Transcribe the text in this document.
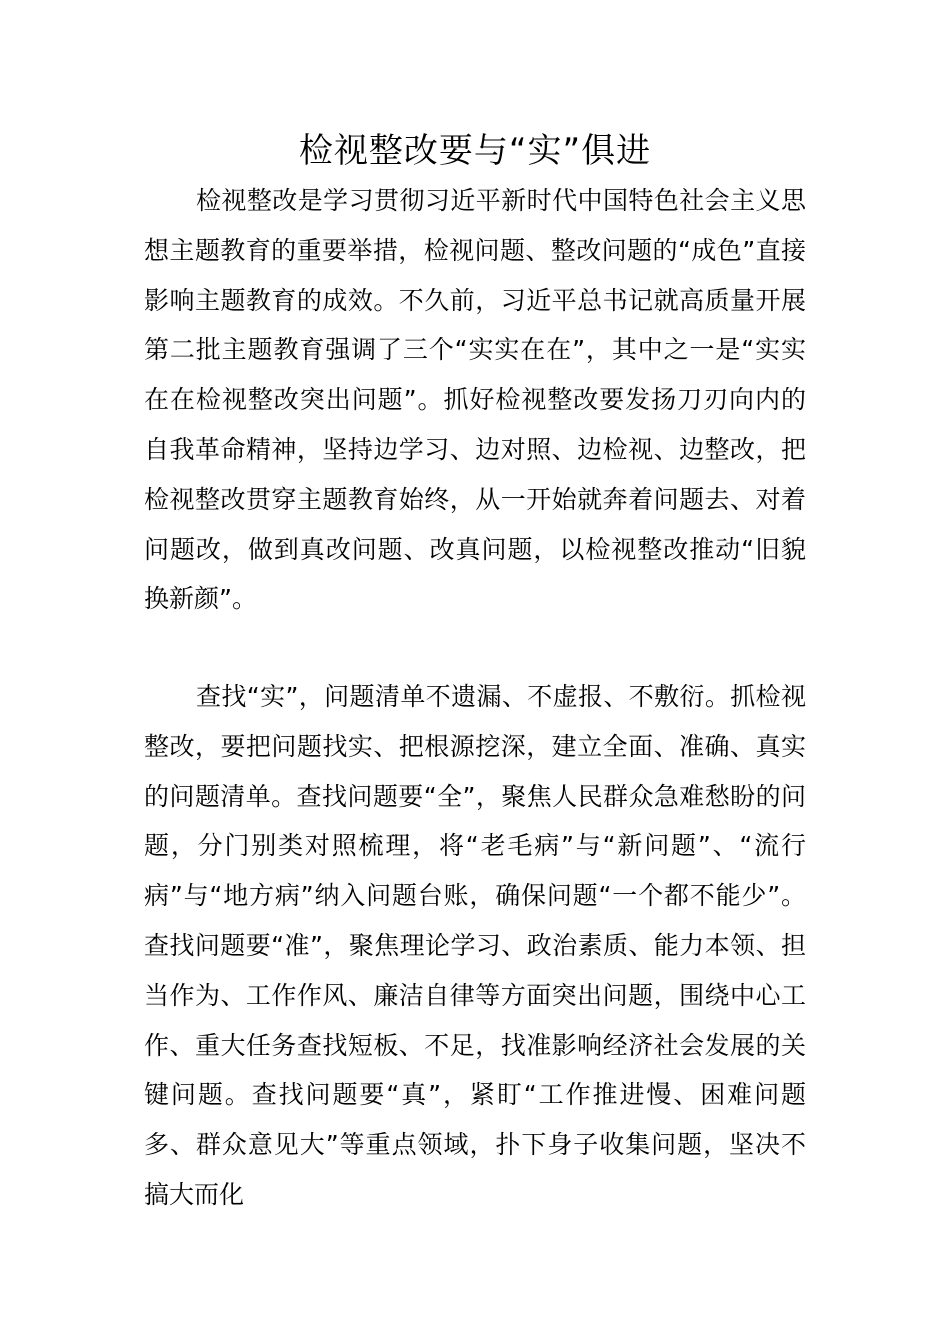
检视整改要与“实”俱进

检视整改是学习贯彻习近平新时代中国特色社会主义思想主题教育的重要举措，检视问题、整改问题的“成色”直接影响主题教育的成效。不久前，习近平总书记就高质量开展第二批主题教育强调了三个“实实在在”，其中之一是“实实在在检视整改突出问题”。抓好检视整改要发扬刀刃向内的自我革命精神，坚持边学习、边对照、边检视、边整改，把检视整改贯穿主题教育始终，从一开始就奔着问题去、对着问题改，做到真改问题、改真问题，以检视整改推动“旧貌换新颜”。

查找“实”，问题清单不遗漏、不虚报、不敷衍。抓检视整改，要把问题找实、把根源挖深，建立全面、准确、真实的问题清单。查找问题要“全”，聚焦人民群众急难愁盼的问题，分门别类对照梳理，将“老毛病”与“新问题”、“流行病”与“地方病”纳入问题台账，确保问题“一个都不能少”。查找问题要“准”，聚焦理论学习、政治素质、能力本领、担当作为、工作作风、廉洁自律等方面突出问题，围绕中心工作、重大任务查找短板、不足，找准影响经济社会发展的关键问题。查找问题要“真”，紧盯“工作推进慢、困难问题多、群众意见大”等重点领域，扑下身子收集问题，坚决不搞大而化
